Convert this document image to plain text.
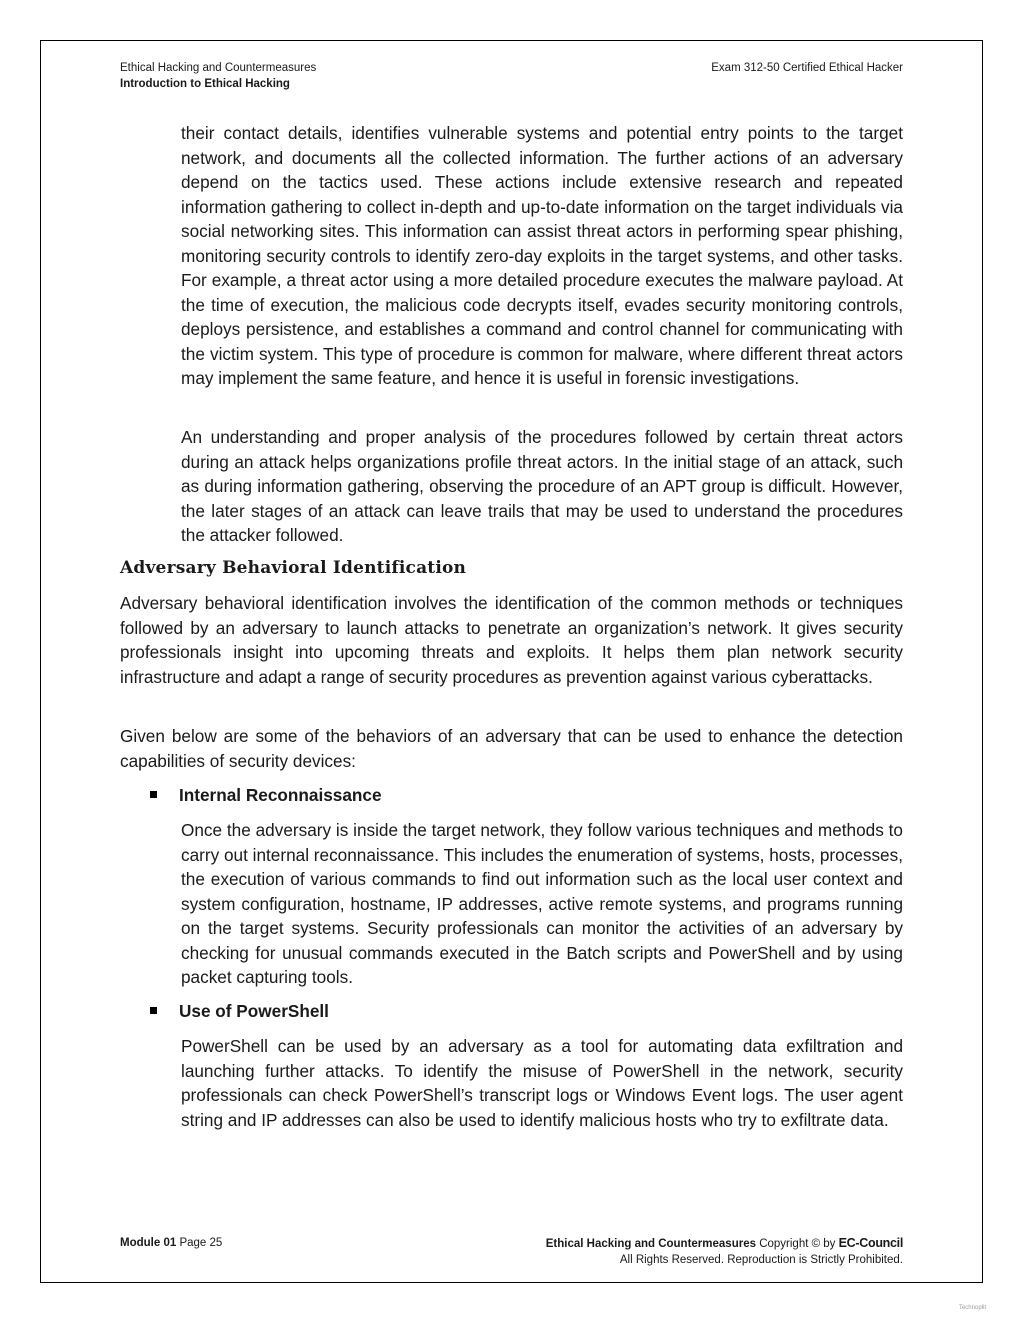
Ethical Hacking and Countermeasures
Introduction to Ethical Hacking
Exam 312-50 Certified Ethical Hacker

their contact details, identifies vulnerable systems and potential entry points to the target network, and documents all the collected information. The further actions of an adversary depend on the tactics used. These actions include extensive research and repeated information gathering to collect in-depth and up-to-date information on the target individuals via social networking sites. This information can assist threat actors in performing spear phishing, monitoring security controls to identify zero-day exploits in the target systems, and other tasks. For example, a threat actor using a more detailed procedure executes the malware payload. At the time of execution, the malicious code decrypts itself, evades security monitoring controls, deploys persistence, and establishes a command and control channel for communicating with the victim system. This type of procedure is common for malware, where different threat actors may implement the same feature, and hence it is useful in forensic investigations.

An understanding and proper analysis of the procedures followed by certain threat actors during an attack helps organizations profile threat actors. In the initial stage of an attack, such as during information gathering, observing the procedure of an APT group is difficult. However, the later stages of an attack can leave trails that may be used to understand the procedures the attacker followed.

Adversary Behavioral Identification

Adversary behavioral identification involves the identification of the common methods or techniques followed by an adversary to launch attacks to penetrate an organization’s network. It gives security professionals insight into upcoming threats and exploits. It helps them plan network security infrastructure and adapt a range of security procedures as prevention against various cyberattacks.

Given below are some of the behaviors of an adversary that can be used to enhance the detection capabilities of security devices:

Internal Reconnaissance

Once the adversary is inside the target network, they follow various techniques and methods to carry out internal reconnaissance. This includes the enumeration of systems, hosts, processes, the execution of various commands to find out information such as the local user context and system configuration, hostname, IP addresses, active remote systems, and programs running on the target systems. Security professionals can monitor the activities of an adversary by checking for unusual commands executed in the Batch scripts and PowerShell and by using packet capturing tools.

Use of PowerShell

PowerShell can be used by an adversary as a tool for automating data exfiltration and launching further attacks. To identify the misuse of PowerShell in the network, security professionals can check PowerShell’s transcript logs or Windows Event logs. The user agent string and IP addresses can also be used to identify malicious hosts who try to exfiltrate data.

Module 01 Page 25	Ethical Hacking and Countermeasures Copyright © by EC-Council
All Rights Reserved. Reproduction is Strictly Prohibited.
Technoplit
